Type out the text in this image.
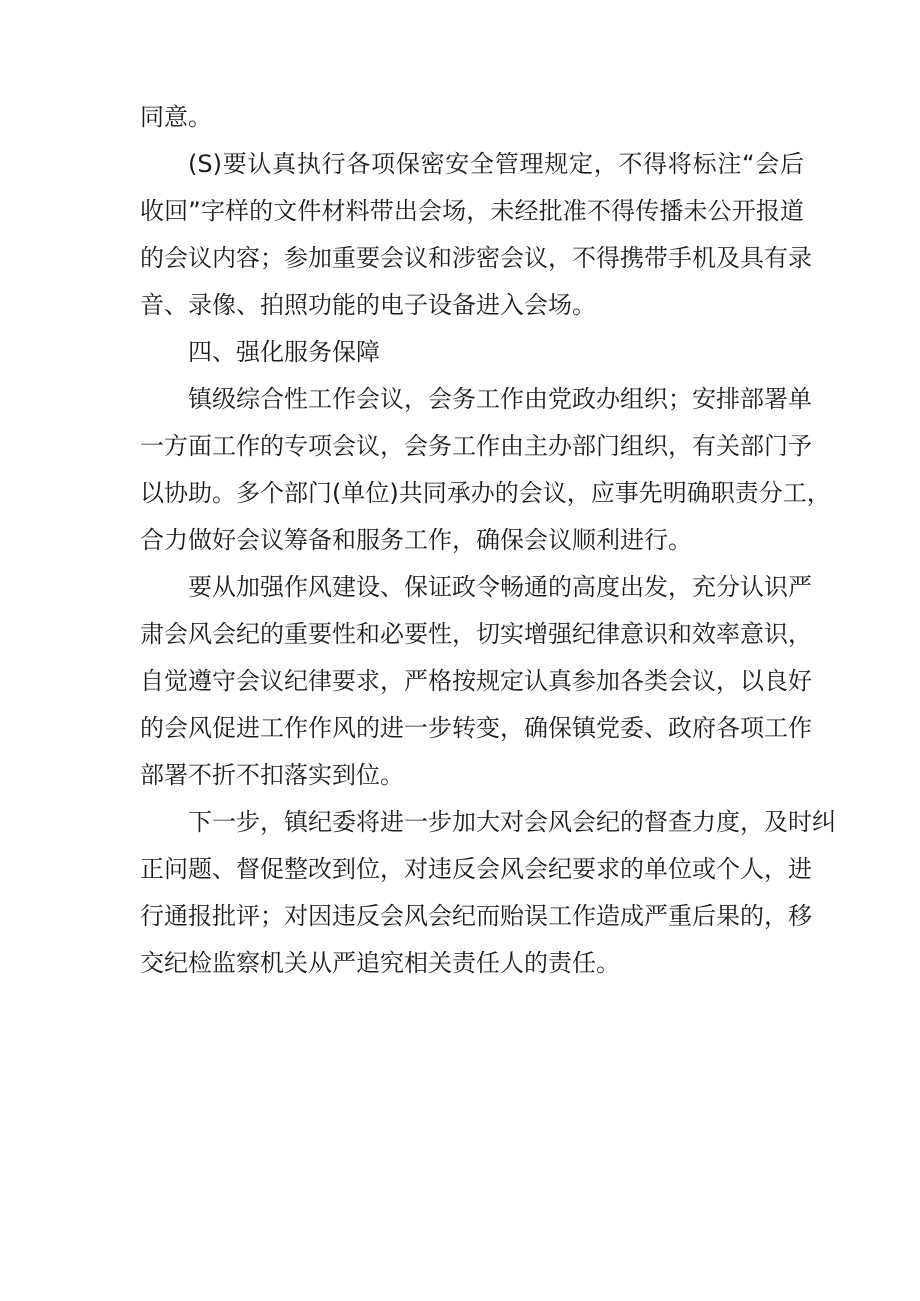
同意。
(S)要认真执行各项保密安全管理规定，不得将标注“会后
收回”字样的文件材料带出会场，未经批准不得传播未公开报道
的会议内容；参加重要会议和涉密会议，不得携带手机及具有录
音、录像、拍照功能的电子设备进入会场。
四、强化服务保障
镇级综合性工作会议，会务工作由党政办组织；安排部署单
一方面工作的专项会议，会务工作由主办部门组织，有关部门予
以协助。多个部门(单位)共同承办的会议，应事先明确职责分工，
合力做好会议筹备和服务工作，确保会议顺利进行。
要从加强作风建设、保证政令畅通的高度出发，充分认识严
肃会风会纪的重要性和必要性，切实增强纪律意识和效率意识，
自觉遵守会议纪律要求，严格按规定认真参加各类会议，以良好
的会风促进工作作风的进一步转变，确保镇党委、政府各项工作
部署不折不扣落实到位。
下一步，镇纪委将进一步加大对会风会纪的督查力度，及时纠
正问题、督促整改到位，对违反会风会纪要求的单位或个人，进
行通报批评；对因违反会风会纪而贻误工作造成严重后果的，移
交纪检监察机关从严追究相关责任人的责任。
